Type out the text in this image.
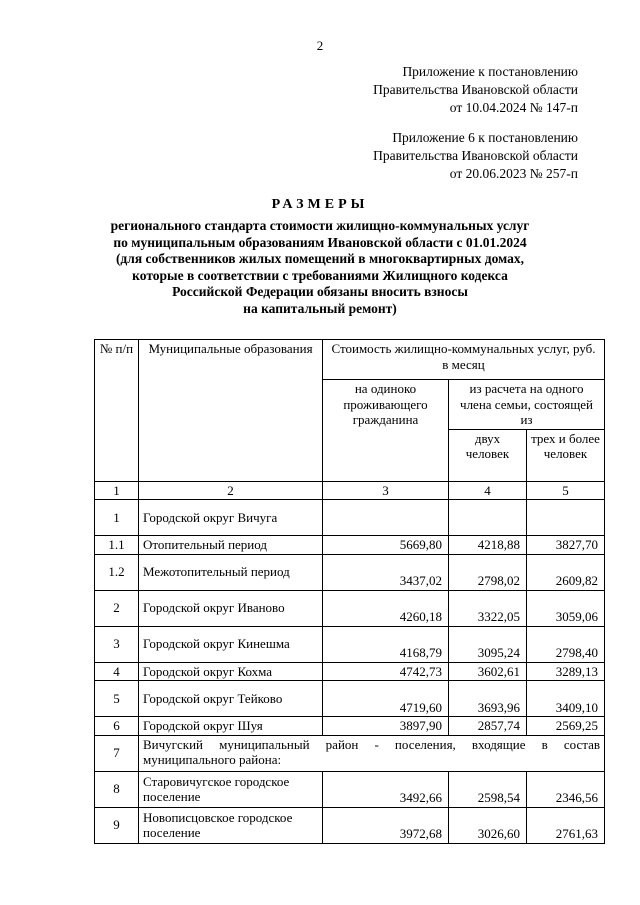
2
Приложение к постановлению
Правительства Ивановской области
от 10.04.2024 № 147-п
Приложение 6 к постановлению
Правительства Ивановской области
от 20.06.2023 № 257-п
РАЗМЕРЫ
регионального стандарта стоимости жилищно-коммунальных услуг
по муниципальным образованиям Ивановской области с 01.01.2024
(для собственников жилых помещений в многоквартирных домах,
которые в соответствии с требованиями Жилищного кодекса
Российской Федерации обязаны вносить взносы
на капитальный ремонт)
№ п/п	Муниципальные образования	Стоимость жилищно-коммунальных услуг, руб. в месяц		
		на одиноко проживающего гражданина	из расчета на одного члена семьи, состоящей из	
			двух человек	трех и более человек
1	2	3	4	5
1	Городской округ Вичуга			
1.1	Отопительный период	5669,80	4218,88	3827,70
1.2	Межотопительный период	3437,02	2798,02	2609,82
2	Городской округ Иваново	4260,18	3322,05	3059,06
3	Городской округ Кинешма	4168,79	3095,24	2798,40
4	Городской округ Кохма	4742,73	3602,61	3289,13
5	Городской округ Тейково	4719,60	3693,96	3409,10
6	Городской округ Шуя	3897,90	2857,74	2569,25
7	Вичугский муниципальный район - поселения, входящие в состав муниципального района:			
8	Старовичугское городское поселение	3492,66	2598,54	2346,56
9	Новописцовское городское поселение	3972,68	3026,60	2761,63
